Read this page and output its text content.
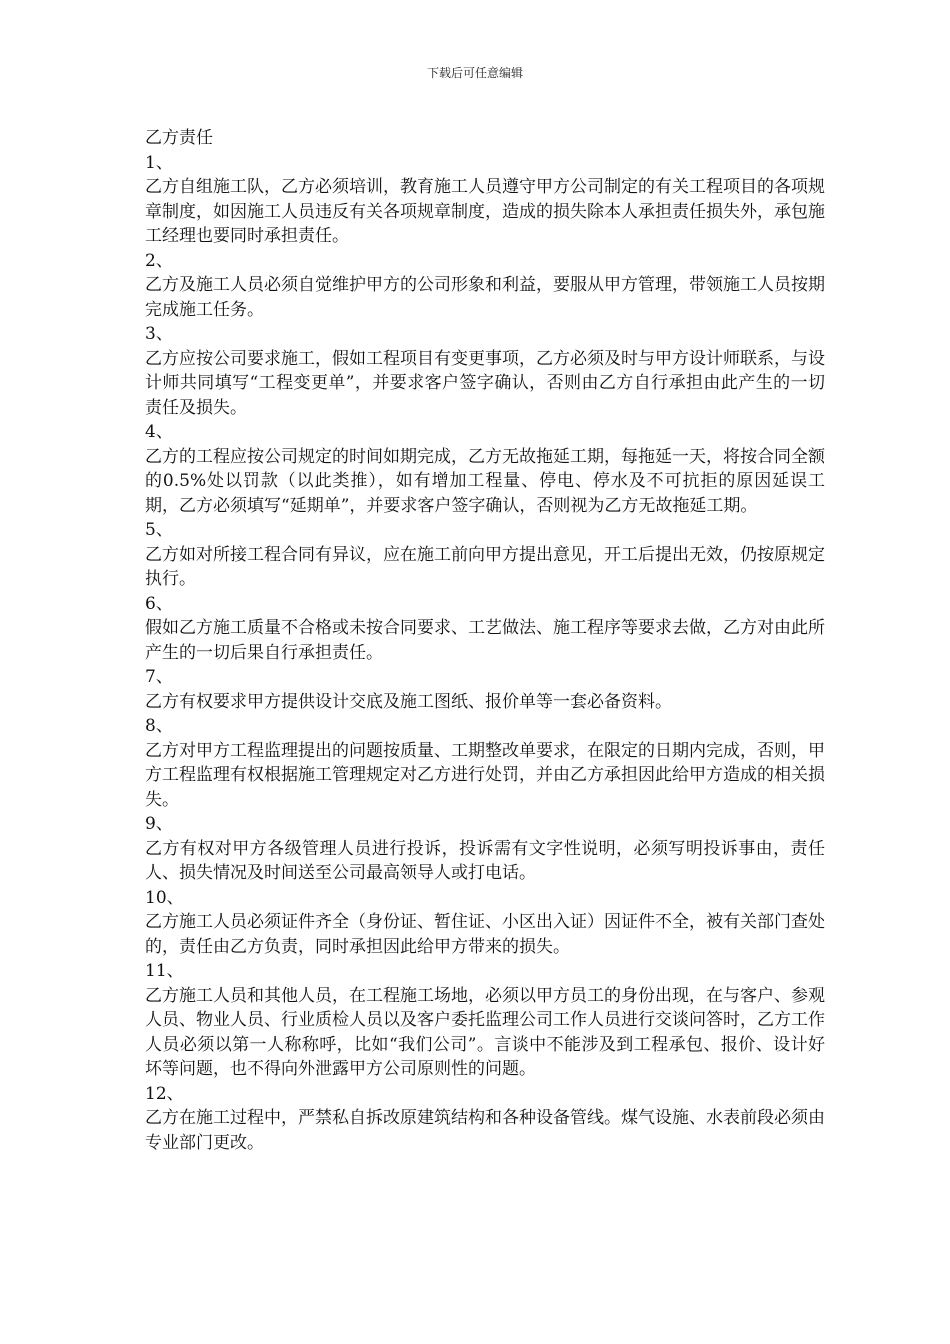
下载后可任意编辑
乙方责任

1、

乙方自组施工队，乙方必须培训，教育施工人员遵守甲方公司制定的有关工程项目的各项规章制度，如因施工人员违反有关各项规章制度，造成的损失除本人承担责任损失外，承包施工经理也要同时承担责任。

2、

乙方及施工人员必须自觉维护甲方的公司形象和利益，要服从甲方管理，带领施工人员按期完成施工任务。

3、

乙方应按公司要求施工，假如工程项目有变更事项，乙方必须及时与甲方设计师联系，与设计师共同填写“工程变更单”，并要求客户签字确认，否则由乙方自行承担由此产生的一切责任及损失。

4、

乙方的工程应按公司规定的时间如期完成，乙方无故拖延工期，每拖延一天，将按合同全额的0.5%处以罚款（以此类推），如有增加工程量、停电、停水及不可抗拒的原因延误工期，乙方必须填写“延期单”，并要求客户签字确认，否则视为乙方无故拖延工期。

5、

乙方如对所接工程合同有异议，应在施工前向甲方提出意见，开工后提出无效，仍按原规定执行。

6、

假如乙方施工质量不合格或未按合同要求、工艺做法、施工程序等要求去做，乙方对由此所产生的一切后果自行承担责任。

7、

乙方有权要求甲方提供设计交底及施工图纸、报价单等一套必备资料。

8、

乙方对甲方工程监理提出的问题按质量、工期整改单要求，在限定的日期内完成，否则，甲方工程监理有权根据施工管理规定对乙方进行处罚，并由乙方承担因此给甲方造成的相关损失。

9、

乙方有权对甲方各级管理人员进行投诉，投诉需有文字性说明，必须写明投诉事由，责任人、损失情况及时间送至公司最高领导人或打电话。

10、

乙方施工人员必须证件齐全（身份证、暂住证、小区出入证）因证件不全，被有关部门查处的，责任由乙方负责，同时承担因此给甲方带来的损失。

11、

乙方施工人员和其他人员，在工程施工场地，必须以甲方员工的身份出现，在与客户、参观人员、物业人员、行业质检人员以及客户委托监理公司工作人员进行交谈问答时，乙方工作人员必须以第一人称称呼，比如“我们公司”。言谈中不能涉及到工程承包、报价、设计好坏等问题，也不得向外泄露甲方公司原则性的问题。

12、

乙方在施工过程中，严禁私自拆改原建筑结构和各种设备管线。煤气设施、水表前段必须由专业部门更改。
